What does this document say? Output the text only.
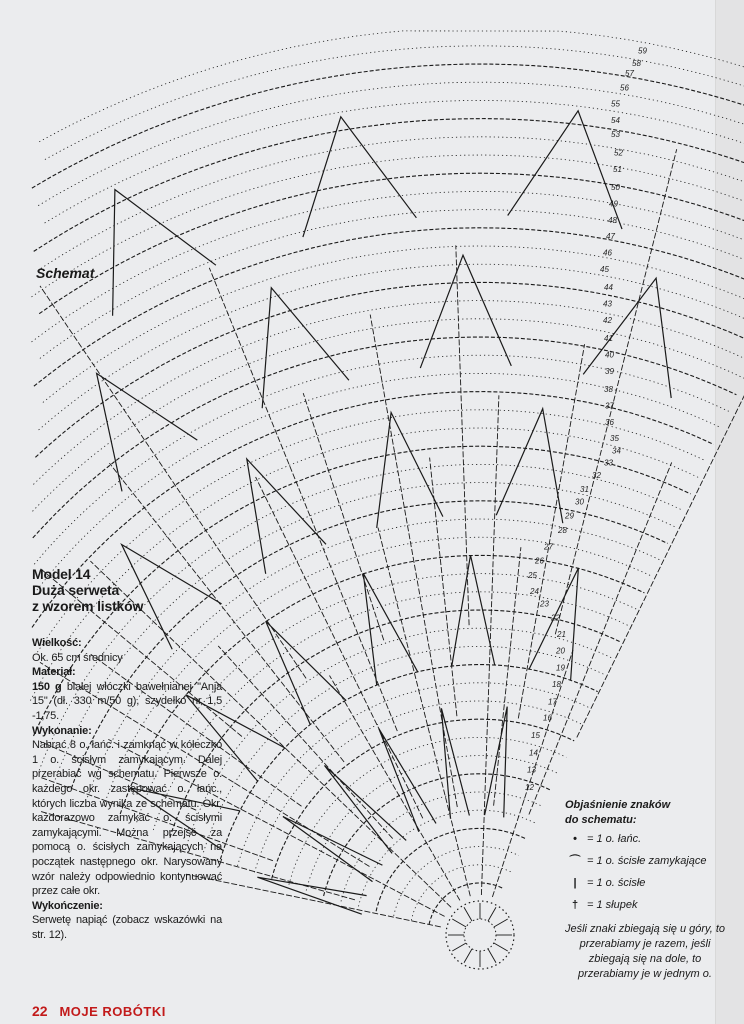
12
13
14
15
16
17
18
19
20
21
22
23
24
25
26
27
28
29
30
31
32
33
34
35
36
37
38
39
40
41
42
43
44
45
46
47
48
49
50
51
52
53
54
55
56
57
58
59
Schemat
Model 14
Duża serweta
z wzorem listków
Wielkość:

Ok. 65 cm średnicy

Materiał:

150 g białej włóczki bawełnianej "Anja 15" (dł. 330 m/50 g), szydełko nr 1,5 -1,75.

Wykonanie:

Nabrać 8 o. łańc. i zamknąć w kółeczko 1 o. ścisłym zamykającym. Dalej przerabiać wg schematu. Pierwsze o. każdego okr. zastępować o. łańc., których liczba wynika ze schematu. Okr. każdorazowo zamykać o. ścisłymi zamykającymi. Można przejść za pomocą o. ścisłych zamykających na początek następnego okr. Narysowany wzór należy odpowiednio kontynuować przez całe okr.

Wykończenie:

Serwetę napiąć (zobacz wskazówki na str. 12).

Objaśnienie znaków
do schematu:
• = 1 o. łańc.
⌒ = 1 o. ścisłe zamykające
| = 1 o. ścisłe
† = 1 słupek
Jeśli znaki zbiegają się u góry, to przerabiamy je razem, jeśli zbiegają się na dole, to przerabiamy je w jednym o.
22 MOJE ROBÓTKI
